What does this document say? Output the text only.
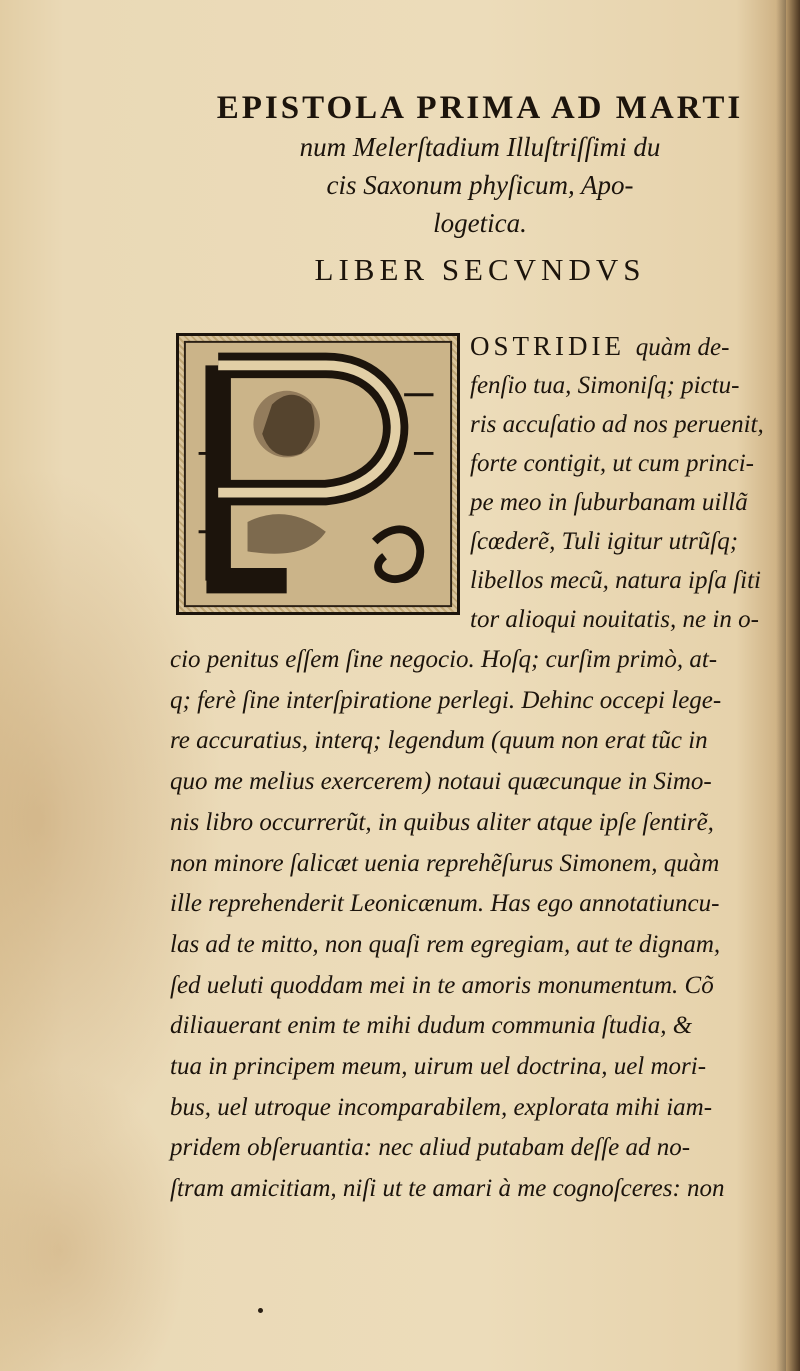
EPISTOLA PRIMA AD MARTI

num Melerſtadium Illuſtriſſimi du

cis Saxonum phyſicum, Apo-

logetica.

LIBER SECVNDVS
OSTRIDIE quàm de-
fenſio tua, Simoniſq; pictu-
ris accuſatio ad nos peruenit,
forte contigit, ut cum princi-
pe meo in ſuburbanam uillã
ſcœderẽ, Tuli igitur utrũſq;
libellos mecũ, natura ipſa ſiti
tor alioqui nouitatis, ne in o-
cio penitus eſſem ſine negocio. Hoſq; curſim primò, at-
q; ferè ſine interſpiratione perlegi. Dehinc occepi lege-
re accuratius, interq; legendum (quum non erat tũc in
quo me melius exercerem) notaui quæcunque in Simo-
nis libro occurrerũt, in quibus aliter atque ipſe ſentirẽ,
non minore ſalicæt uenia reprehẽſurus Simonem, quàm
ille reprehenderit Leonicænum. Has ego annotatiuncu-
las ad te mitto, non quaſi rem egregiam, aut te dignam,
ſed ueluti quoddam mei in te amoris monumentum. Cõ
diliauerant enim te mihi dudum communia ſtudia, &
tua in principem meum, uirum uel doctrina, uel mori-
bus, uel utroque incomparabilem, explorata mihi iam-
pridem obſeruantia: nec aliud putabam deſſe ad no-
ſtram amicitiam, niſi ut te amari à me cognoſceres: non
